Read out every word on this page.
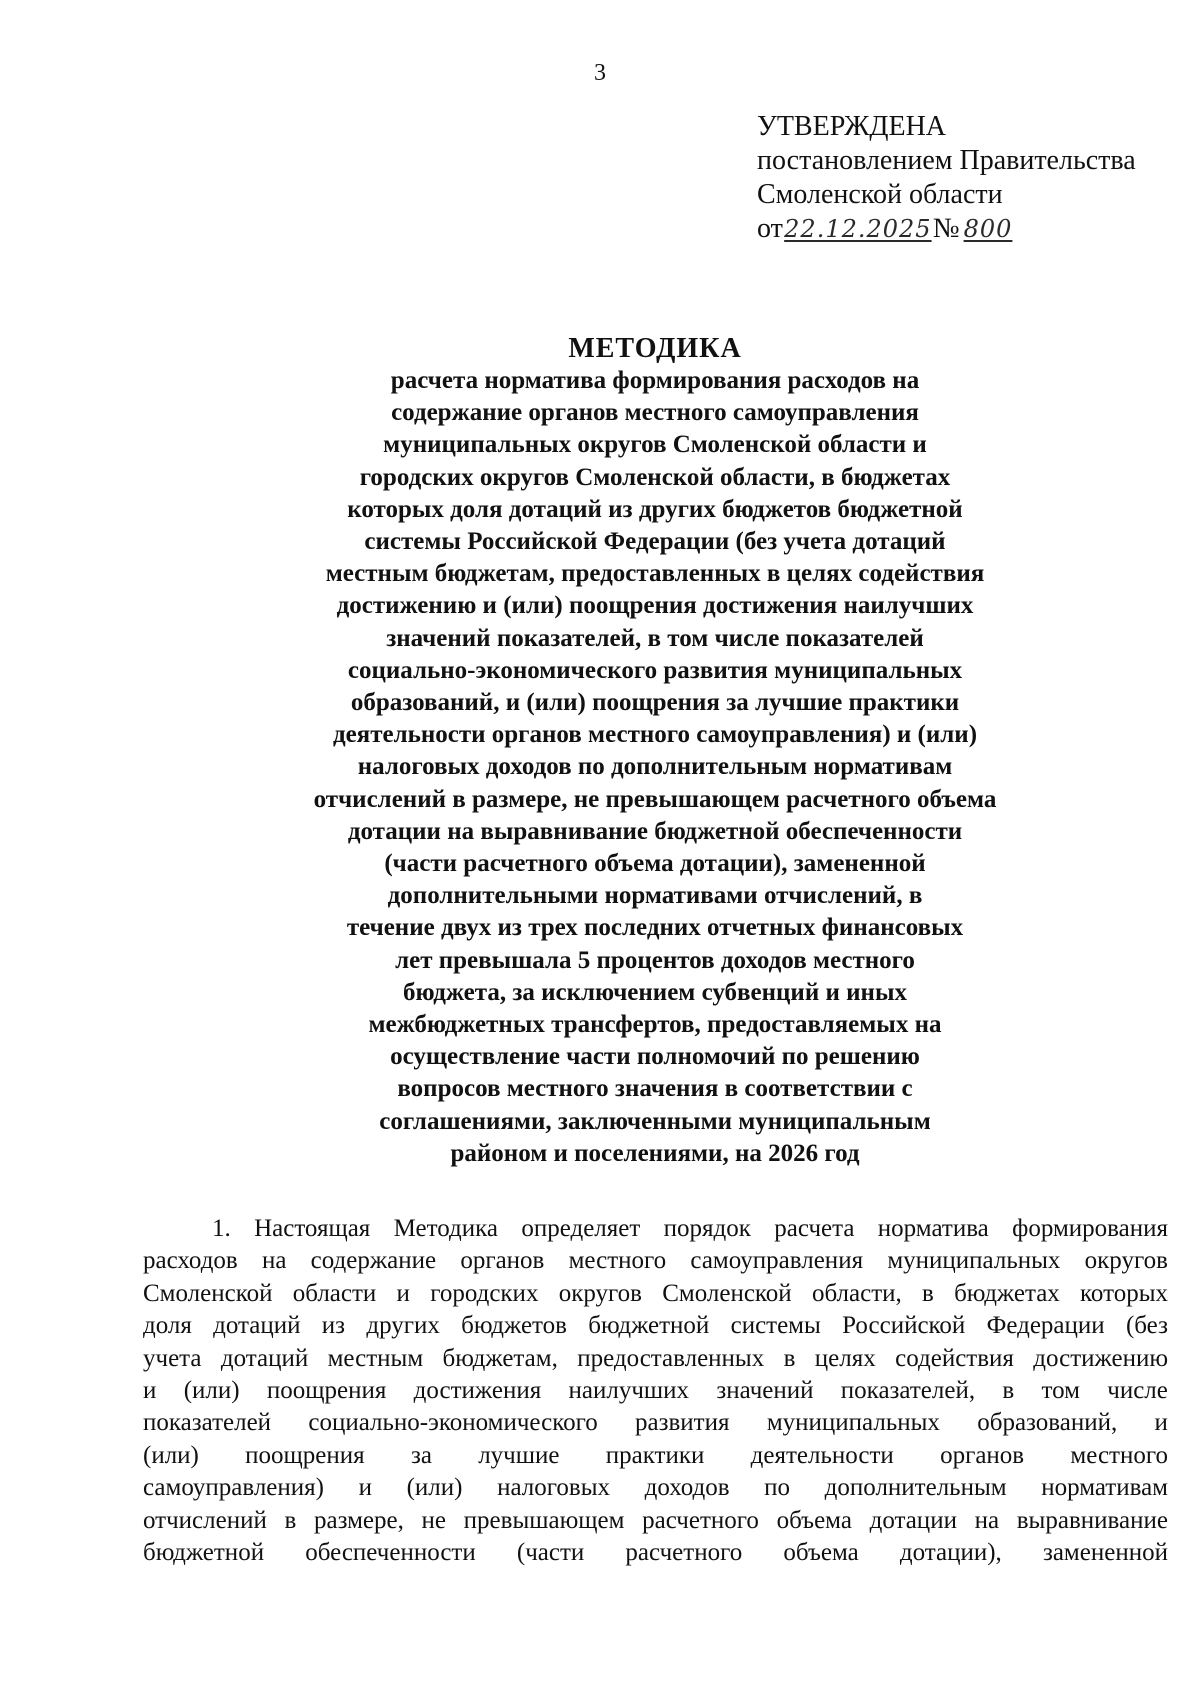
3
УТВЕРЖДЕНА
постановлением Правительства
Смоленской области
от 22.12.2025 № 800
МЕТОДИКА
расчета норматива формирования расходов на
содержание органов местного самоуправления
муниципальных округов Смоленской области и
городских округов Смоленской области, в бюджетах
которых доля дотаций из других бюджетов бюджетной
системы Российской Федерации (без учета дотаций
местным бюджетам, предоставленных в целях содействия
достижению и (или) поощрения достижения наилучших
значений показателей, в том числе показателей
социально-экономического развития муниципальных
образований, и (или) поощрения за лучшие практики
деятельности органов местного самоуправления) и (или)
налоговых доходов по дополнительным нормативам
отчислений в размере, не превышающем расчетного объема
дотации на выравнивание бюджетной обеспеченности
(части расчетного объема дотации), замененной
дополнительными нормативами отчислений, в
течение двух из трех последних отчетных финансовых
лет превышала 5 процентов доходов местного
бюджета, за исключением субвенций и иных
межбюджетных трансфертов, предоставляемых на
осуществление части полномочий по решению
вопросов местного значения в соответствии с
соглашениями, заключенными муниципальным
районом и поселениями, на 2026 год
1. Настоящая Методика определяет порядок расчета норматива формирования
расходов на содержание органов местного самоуправления муниципальных округов
Смоленской области и городских округов Смоленской области, в бюджетах которых
доля дотаций из других бюджетов бюджетной системы Российской Федерации (без
учета дотаций местным бюджетам, предоставленных в целях содействия достижению
и (или) поощрения достижения наилучших значений показателей, в том числе
показателей социально-экономического развития муниципальных образований, и
(или) поощрения за лучшие практики деятельности органов местного
самоуправления) и (или) налоговых доходов по дополнительным нормативам
отчислений в размере, не превышающем расчетного объема дотации на выравнивание
бюджетной обеспеченности (части расчетного объема дотации), замененной
